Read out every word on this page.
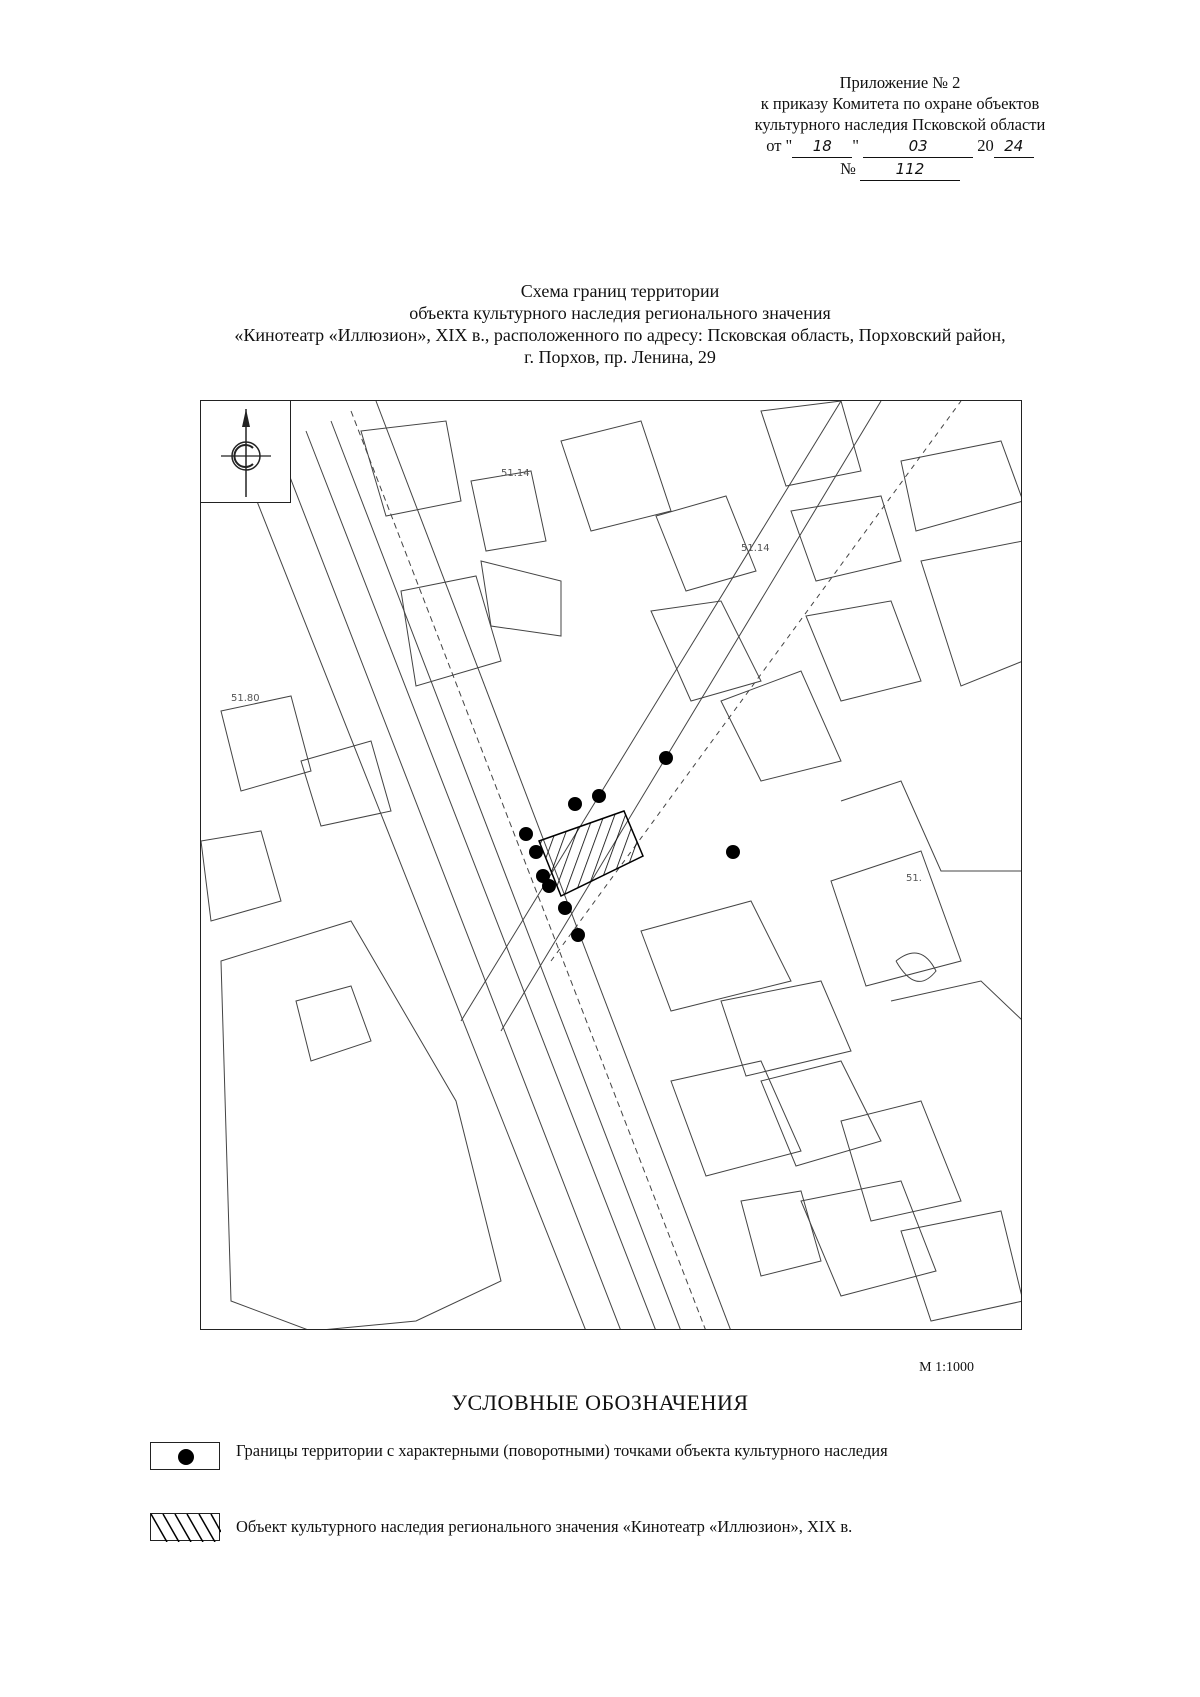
Приложение № 2
к приказу Комитета по охране объектов
культурного наследия Псковской области
от " 18 "	03	20 24
№	112
Схема границ территории
объекта культурного наследия регионального значения
«Кинотеатр «Иллюзион», XIX в., расположенного по адресу: Псковская область, Порховский район,
г. Порхов, пр. Ленина, 29
51.14
51.14
51.80
51.
М 1:1000
УСЛОВНЫЕ ОБОЗНАЧЕНИЯ
Границы территории с характерными (поворотными) точками объекта культурного наследия
Объект культурного наследия регионального значения «Кинотеатр «Иллюзион», XIX в.
